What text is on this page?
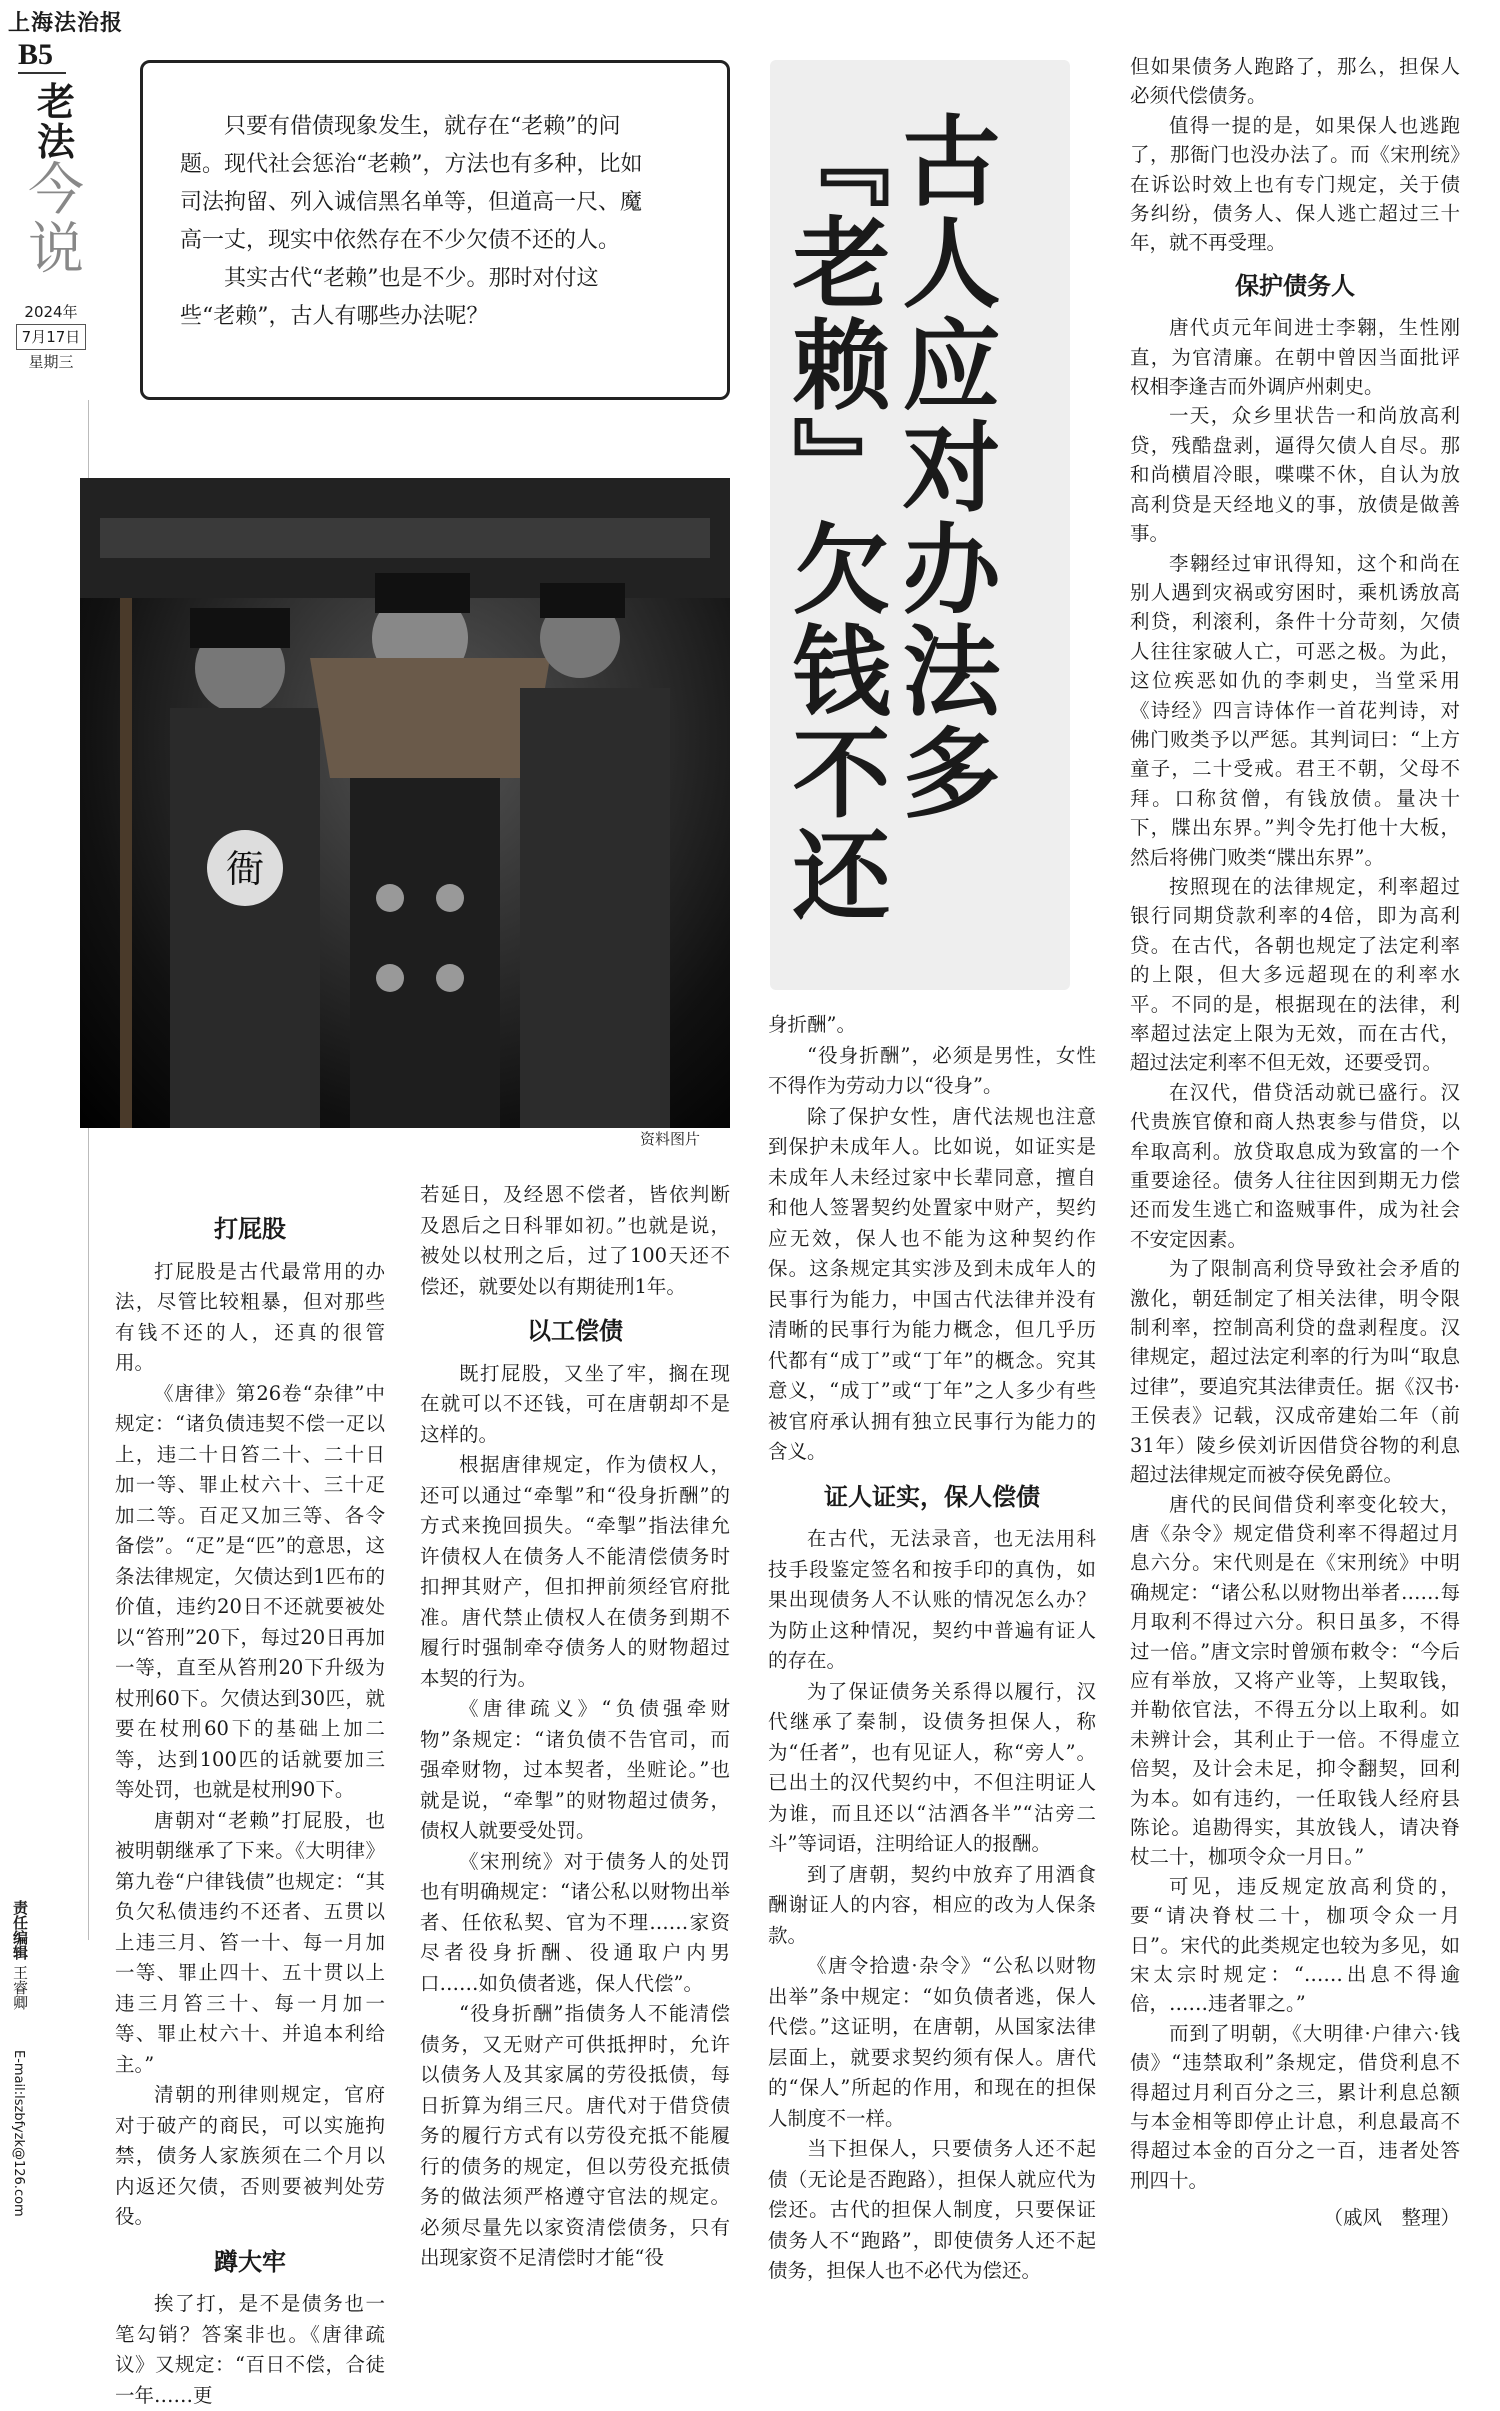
上海法治报
B5
老法
今说
2024年
7月17日
星期三
责任编辑 王睿卿
E-mail:lszbfyzk@126.com

只要有借债现象发生，就存在“老赖”的问题。现代社会惩治“老赖”，方法也有多种，比如司法拘留、列入诚信黑名单等，但道高一尺、魔高一丈，现实中依然存在不少欠债不还的人。

其实古代“老赖”也是不少。那时对付这些“老赖”，古人有哪些办法呢？

衙
资料图片
古人应对办法多
『老赖』欠钱不还
打屁股

打屁股是古代最常用的办法，尽管比较粗暴，但对那些有钱不还的人，还真的很管用。

《唐律》第26卷“杂律”中规定：“诸负债违契不偿一疋以上，违二十日笞二十、二十日加一等、罪止杖六十、三十疋加二等。百疋又加三等、各令备偿”。“疋”是“匹”的意思，这条法律规定，欠债达到1匹布的价值，违约20日不还就要被处以“笞刑”20下，每过20日再加一等，直至从笞刑20下升级为杖刑60下。欠债达到30匹，就要在杖刑60下的基础上加二等，达到100匹的话就要加三等处罚，也就是杖刑90下。

唐朝对“老赖”打屁股，也被明朝继承了下来。《大明律》第九卷“户律钱债”也规定：“其负欠私债违约不还者、五贯以上违三月、笞一十、每一月加一等、罪止四十、五十贯以上违三月笞三十、每一月加一等、罪止杖六十、并追本利给主。”

清朝的刑律则规定，官府对于破产的商民，可以实施拘禁，债务人家族须在二个月以内返还欠债，否则要被判处劳役。

蹲大牢

挨了打，是不是债务也一笔勾销？答案非也。《唐律疏议》又规定：“百日不偿，合徒一年……更

若延日，及经恩不偿者，皆依判断及恩后之日科罪如初。”也就是说，被处以杖刑之后，过了100天还不偿还，就要处以有期徒刑1年。

以工偿债

既打屁股，又坐了牢，搁在现在就可以不还钱，可在唐朝却不是这样的。

根据唐律规定，作为债权人，还可以通过“牵掣”和“役身折酬”的方式来挽回损失。“牵掣”指法律允许债权人在债务人不能清偿债务时扣押其财产，但扣押前须经官府批准。唐代禁止债权人在债务到期不履行时强制牵夺债务人的财物超过本契的行为。

《唐律疏义》“负债强牵财物”条规定：“诸负债不告官司，而强牵财物，过本契者，坐赃论。”也就是说，“牵掣”的财物超过债务，债权人就要受处罚。

《宋刑统》对于债务人的处罚也有明确规定：“诸公私以财物出举者、任依私契、官为不理……家资尽者役身折酬、役通取户内男口……如负债者逃，保人代偿”。

“役身折酬”指债务人不能清偿债务，又无财产可供抵押时，允许以债务人及其家属的劳役抵债，每日折算为绢三尺。唐代对于借贷债务的履行方式有以劳役充抵不能履行的债务的规定，但以劳役充抵债务的做法须严格遵守官法的规定。必须尽量先以家资清偿债务，只有出现家资不足清偿时才能“役

身折酬”。

“役身折酬”，必须是男性，女性不得作为劳动力以“役身”。

除了保护女性，唐代法规也注意到保护未成年人。比如说，如证实是未成年人未经过家中长辈同意，擅自和他人签署契约处置家中财产，契约应无效，保人也不能为这种契约作保。这条规定其实涉及到未成年人的民事行为能力，中国古代法律并没有清晰的民事行为能力概念，但几乎历代都有“成丁”或“丁年”的概念。究其意义，“成丁”或“丁年”之人多少有些被官府承认拥有独立民事行为能力的含义。

证人证实，保人偿债

在古代，无法录音，也无法用科技手段鉴定签名和按手印的真伪，如果出现债务人不认账的情况怎么办？为防止这种情况，契约中普遍有证人的存在。

为了保证债务关系得以履行，汉代继承了秦制，设债务担保人，称为“任者”，也有见证人，称“旁人”。已出土的汉代契约中，不但注明证人为谁，而且还以“沽酒各半”“沽旁二斗”等词语，注明给证人的报酬。

到了唐朝，契约中放弃了用酒食酬谢证人的内容，相应的改为人保条款。

《唐令拾遗·杂令》“公私以财物出举”条中规定：“如负债者逃，保人代偿。”这证明，在唐朝，从国家法律层面上，就要求契约须有保人。唐代的“保人”所起的作用，和现在的担保人制度不一样。

当下担保人，只要债务人还不起债（无论是否跑路），担保人就应代为偿还。古代的担保人制度，只要保证债务人不“跑路”，即使债务人还不起债务，担保人也不必代为偿还。

但如果债务人跑路了，那么，担保人必须代偿债务。

值得一提的是，如果保人也逃跑了，那衙门也没办法了。而《宋刑统》在诉讼时效上也有专门规定，关于债务纠纷，债务人、保人逃亡超过三十年，就不再受理。

保护债务人

唐代贞元年间进士李翱，生性刚直，为官清廉。在朝中曾因当面批评权相李逢吉而外调庐州刺史。

一天，众乡里状告一和尚放高利贷，残酷盘剥，逼得欠债人自尽。那和尚横眉冷眼，喋喋不休，自认为放高利贷是天经地义的事，放债是做善事。

李翱经过审讯得知，这个和尚在别人遇到灾祸或穷困时，乘机诱放高利贷，利滚利，条件十分苛刻，欠债人往往家破人亡，可恶之极。为此，这位疾恶如仇的李刺史，当堂采用《诗经》四言诗体作一首花判诗，对佛门败类予以严惩。其判词曰：“上方童子，二十受戒。君王不朝，父母不拜。口称贫僧，有钱放债。量决十下，牒出东界。”判令先打他十大板，然后将佛门败类“牒出东界”。

按照现在的法律规定，利率超过银行同期贷款利率的4倍，即为高利贷。在古代，各朝也规定了法定利率的上限，但大多远超现在的利率水平。不同的是，根据现在的法律，利率超过法定上限为无效，而在古代，超过法定利率不但无效，还要受罚。

在汉代，借贷活动就已盛行。汉代贵族官僚和商人热衷参与借贷，以牟取高利。放贷取息成为致富的一个重要途径。债务人往往因到期无力偿还而发生逃亡和盗贼事件，成为社会不安定因素。

为了限制高利贷导致社会矛盾的激化，朝廷制定了相关法律，明令限制利率，控制高利贷的盘剥程度。汉律规定，超过法定利率的行为叫“取息过律”，要追究其法律责任。据《汉书·王侯表》记载，汉成帝建始二年（前31年）陵乡侯刘䜣因借贷谷物的利息超过法律规定而被夺侯免爵位。

唐代的民间借贷利率变化较大，唐《杂令》规定借贷利率不得超过月息六分。宋代则是在《宋刑统》中明确规定：“诸公私以财物出举者……每月取利不得过六分。积日虽多，不得过一倍。”唐文宗时曾颁布敕令：“今后应有举放，又将产业等，上契取钱，并勒依官法，不得五分以上取利。如未辨计会，其利止于一倍。不得虚立倍契，及计会未足，抑令翻契，回利为本。如有违约，一任取钱人经府县陈论。追勘得实，其放钱人，请决脊杖二十，枷项令众一月日。”

可见，违反规定放高利贷的，要“请决脊杖二十，枷项令众一月日”。宋代的此类规定也较为多见，如宋太宗时规定：“……出息不得逾倍，……违者罪之。”

而到了明朝，《大明律·户律六·钱债》“违禁取利”条规定，借贷利息不得超过月利百分之三，累计利息总额与本金相等即停止计息，利息最高不得超过本金的百分之一百，违者处答刑四十。

（戚风　整理）
